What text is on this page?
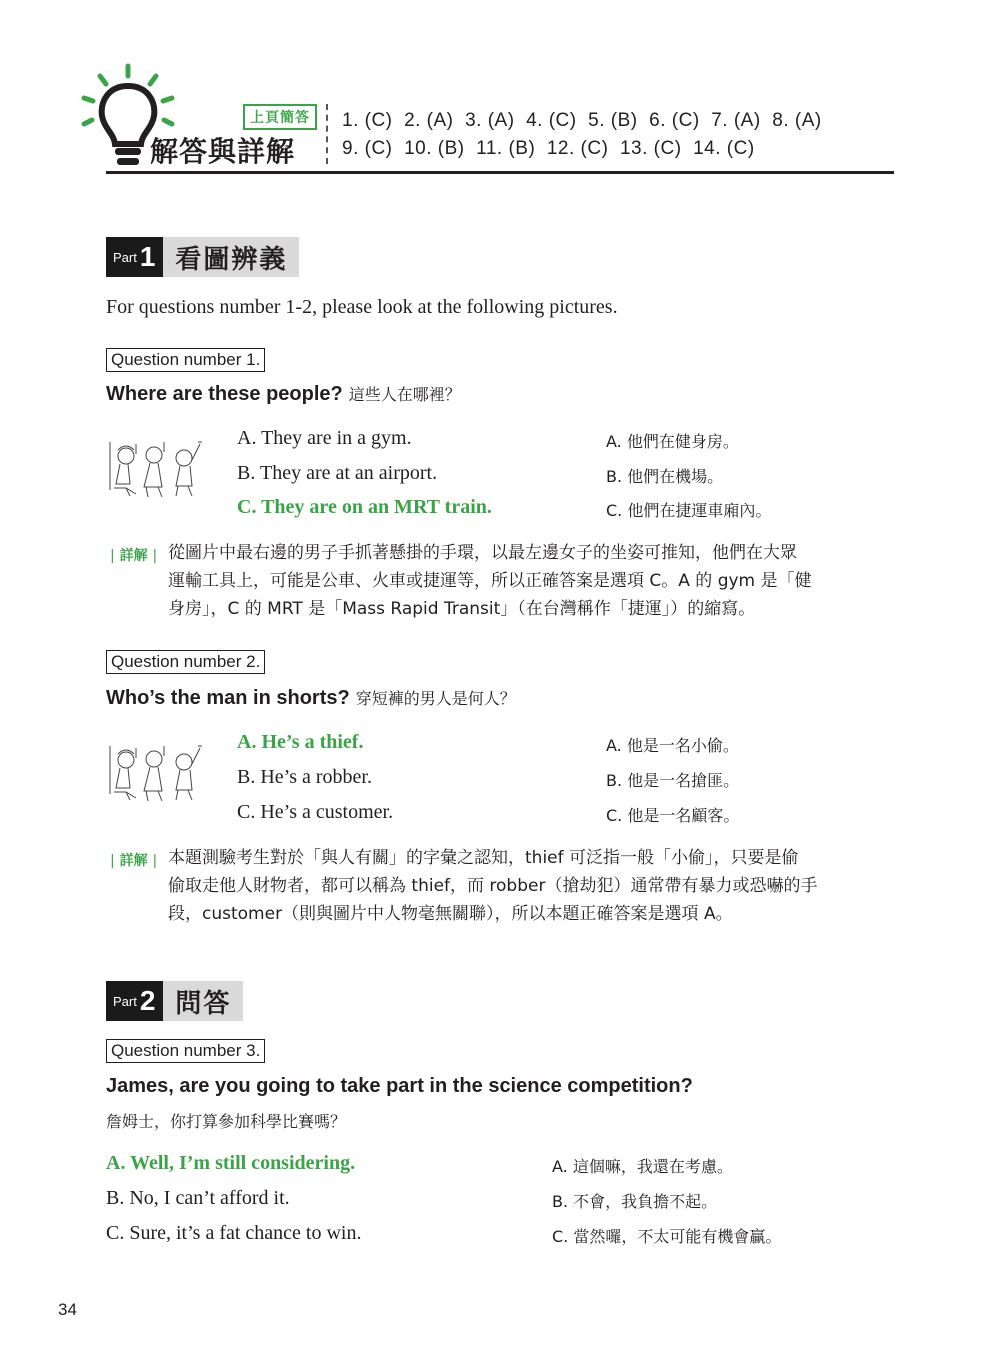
上頁簡答
解答與詳解
1. (C) 2. (A) 3. (A) 4. (C) 5. (B) 6. (C) 7. (A) 8. (A)
9. (C) 10. (B) 11. (B) 12. (C) 13. (C) 14. (C)
Part 1 看圖辨義
For questions number 1-2, please look at the following pictures.
Question number 1.
Where are these people? 這些人在哪裡？
A. They are in a gym.
B. They are at an airport.
C. They are on an MRT train.
A. 他們在健身房。
B. 他們在機場。
C. 他們在捷運車廂內。
| 詳解 | 從圖片中最右邊的男子手抓著懸掛的手環，以最左邊女子的坐姿可推知，他們在大眾
運輸工具上，可能是公車、火車或捷運等，所以正確答案是選項 C。A 的 gym 是「健
身房」，C 的 MRT 是「Mass Rapid Transit」（在台灣稱作「捷運」）的縮寫。
Question number 2.
Who’s the man in shorts? 穿短褲的男人是何人？
A. He’s a thief.
B. He’s a robber.
C. He’s a customer.
A. 他是一名小偷。
B. 他是一名搶匪。
C. 他是一名顧客。
| 詳解 | 本題測驗考生對於「與人有關」的字彙之認知，thief 可泛指一般「小偷」，只要是偷
偷取走他人財物者，都可以稱為 thief，而 robber（搶劫犯）通常帶有暴力或恐嚇的手
段，customer（則與圖片中人物毫無關聯），所以本題正確答案是選項 A。
Part 2 問答
Question number 3.
James, are you going to take part in the science competition?
詹姆士，你打算參加科學比賽嗎？
A. Well, I’m still considering.
B. No, I can’t afford it.
C. Sure, it’s a fat chance to win.
A. 這個嘛，我還在考慮。
B. 不會，我負擔不起。
C. 當然囉，不太可能有機會贏。
34
